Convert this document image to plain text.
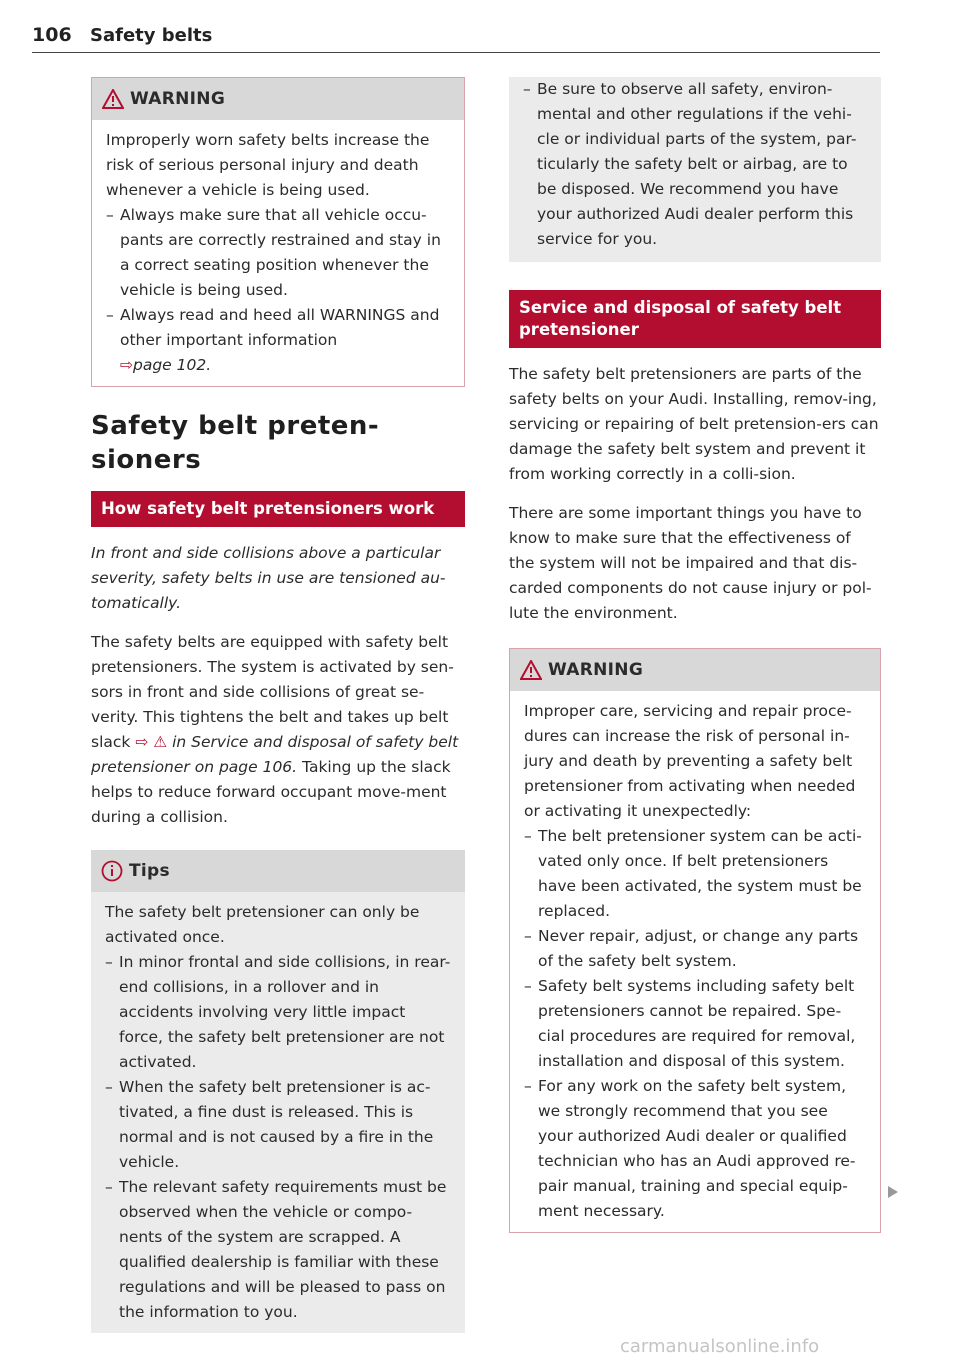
106 Safety belts
WARNING

Improperly worn safety belts increase the risk of serious personal injury and death whenever a vehicle is being used.

– Always make sure that all vehicle occu-pants are correctly restrained and stay in a correct seating position whenever the vehicle is being used.

– Always read and heed all WARNINGS and other important information

⇨page 102.

Safety belt preten-sioners
How safety belt pretensioners work

In front and side collisions above a particular severity, safety belts in use are tensioned au-tomatically.

The safety belts are equipped with safety belt pretensioners. The system is activated by sen-sors in front and side collisions of great se-verity. This tightens the belt and takes up belt slack ⇨ ⚠ in Service and disposal of safety belt pretensioner on page 106. Taking up the slack helps to reduce forward occupant move-ment during a collision.

Tips

The safety belt pretensioner can only be activated once.

– In minor frontal and side collisions, in rear-end collisions, in a rollover and in accidents involving very little impact force, the safety belt pretensioner are not activated.

– When the safety belt pretensioner is ac-tivated, a fine dust is released. This is normal and is not caused by a fire in the vehicle.

– The relevant safety requirements must be observed when the vehicle or compo-nents of the system are scrapped. A qualified dealership is familiar with these regulations and will be pleased to pass on the information to you.

– Be sure to observe all safety, environ-mental and other regulations if the vehi-cle or individual parts of the system, par-ticularly the safety belt or airbag, are to be disposed. We recommend you have your authorized Audi dealer perform this service for you.

Service and disposal of safety belt pretensioner

The safety belt pretensioners are parts of the safety belts on your Audi. Installing, remov-ing, servicing or repairing of belt pretension-ers can damage the safety belt system and prevent it from working correctly in a colli-sion.

There are some important things you have to know to make sure that the effectiveness of the system will not be impaired and that dis-carded components do not cause injury or pol-lute the environment.

WARNING

Improper care, servicing and repair proce-dures can increase the risk of personal in-jury and death by preventing a safety belt pretensioner from activating when needed or activating it unexpectedly:

– The belt pretensioner system can be acti-vated only once. If belt pretensioners have been activated, the system must be replaced.

– Never repair, adjust, or change any parts of the safety belt system.

– Safety belt systems including safety belt pretensioners cannot be repaired. Spe-cial procedures are required for removal, installation and disposal of this system.

– For any work on the safety belt system, we strongly recommend that you see your authorized Audi dealer or qualified technician who has an Audi approved re-pair manual, training and special equip-ment necessary.

carmanualsonline.info
